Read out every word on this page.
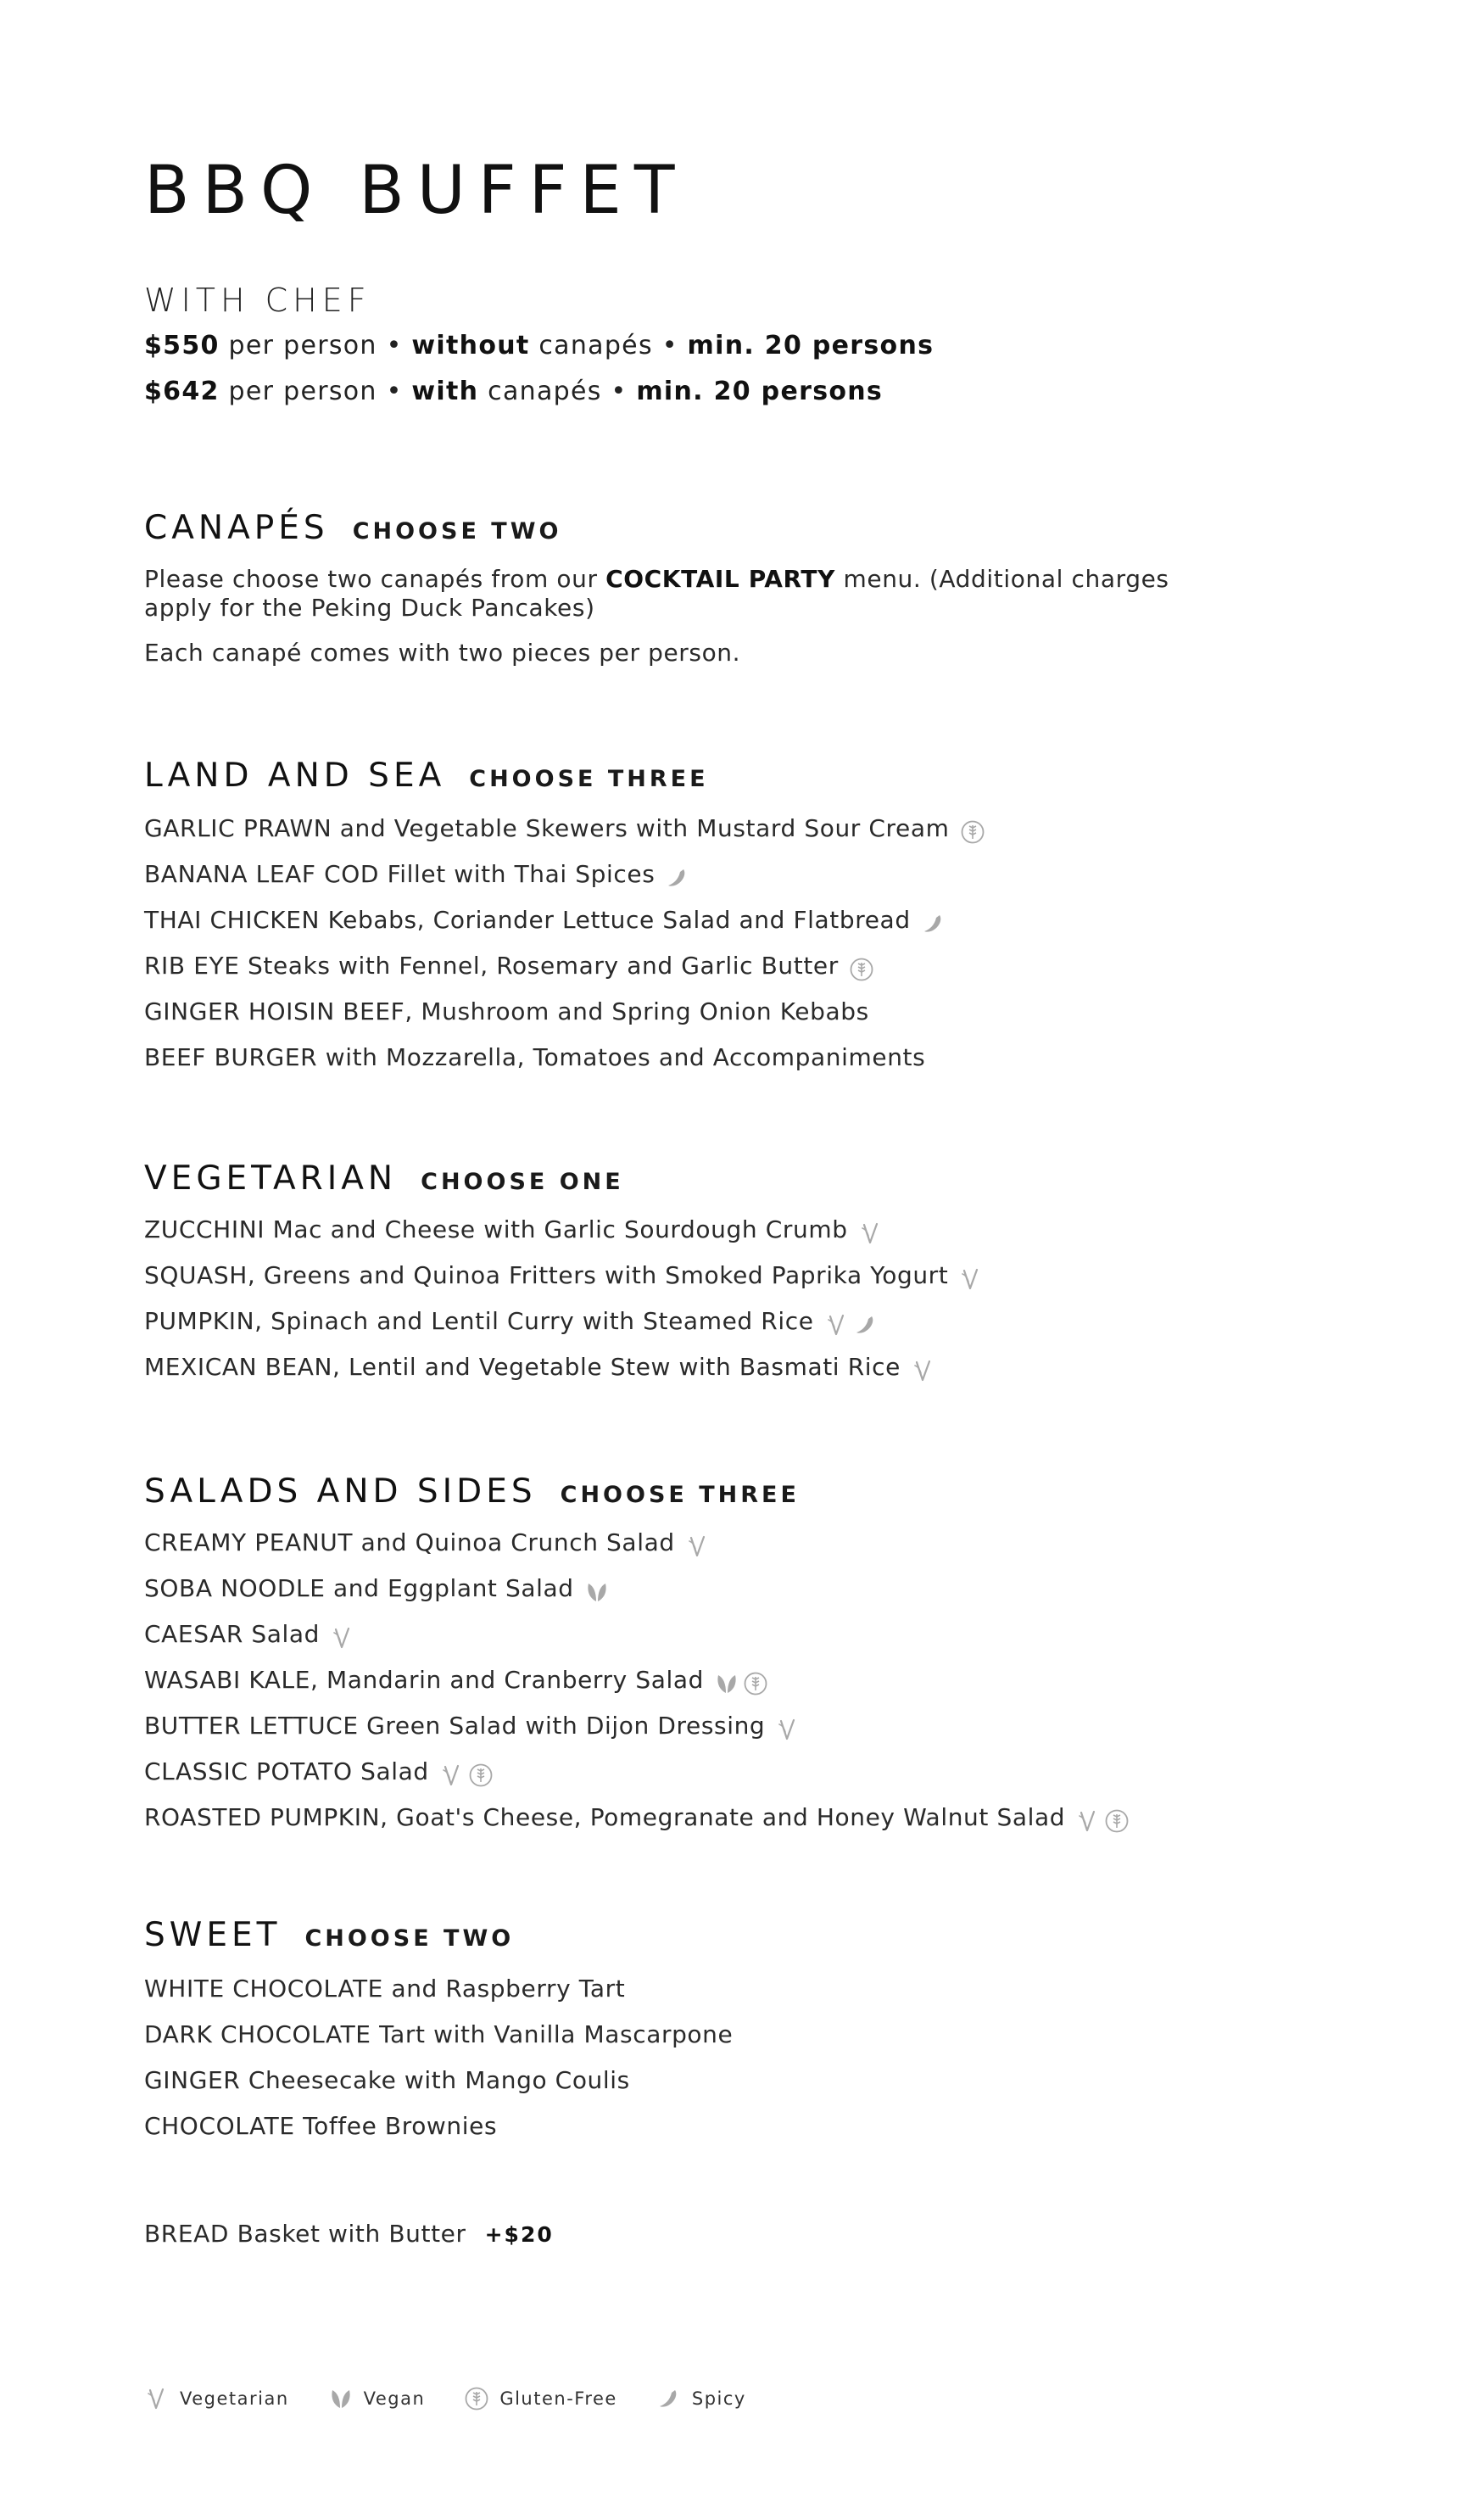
BBQ BUFFET
WITH CHEF

$550 per person • without canapés • min. 20 persons

$642 per person • with canapés • min. 20 persons

CANAPÉS CHOOSE TWO

Please choose two canapés from our COCKTAIL PARTY menu. (Additional charges apply for the Peking Duck Pancakes)

Each canapé comes with two pieces per person.

LAND AND SEA CHOOSE THREE

GARLIC PRAWN and Vegetable Skewers with Mustard Sour Cream

BANANA LEAF COD Fillet with Thai Spices

THAI CHICKEN Kebabs, Coriander Lettuce Salad and Flatbread

RIB EYE Steaks with Fennel, Rosemary and Garlic Butter

GINGER HOISIN BEEF, Mushroom and Spring Onion Kebabs

BEEF BURGER with Mozzarella, Tomatoes and Accompaniments

VEGETARIAN CHOOSE ONE

ZUCCHINI Mac and Cheese with Garlic Sourdough Crumb

SQUASH, Greens and Quinoa Fritters with Smoked Paprika Yogurt

PUMPKIN, Spinach and Lentil Curry with Steamed Rice

MEXICAN BEAN, Lentil and Vegetable Stew with Basmati Rice

SALADS AND SIDES CHOOSE THREE

CREAMY PEANUT and Quinoa Crunch Salad

SOBA NOODLE and Eggplant Salad

CAESAR Salad

WASABI KALE, Mandarin and Cranberry Salad

BUTTER LETTUCE Green Salad with Dijon Dressing

CLASSIC POTATO Salad

ROASTED PUMPKIN, Goat's Cheese, Pomegranate and Honey Walnut Salad

SWEET CHOOSE TWO

WHITE CHOCOLATE and Raspberry Tart

DARK CHOCOLATE Tart with Vanilla Mascarpone

GINGER Cheesecake with Mango Coulis

CHOCOLATE Toffee Brownies

BREAD Basket with Butter +$20

Vegetarian	Vegan	Gluten-Free	Spicy
